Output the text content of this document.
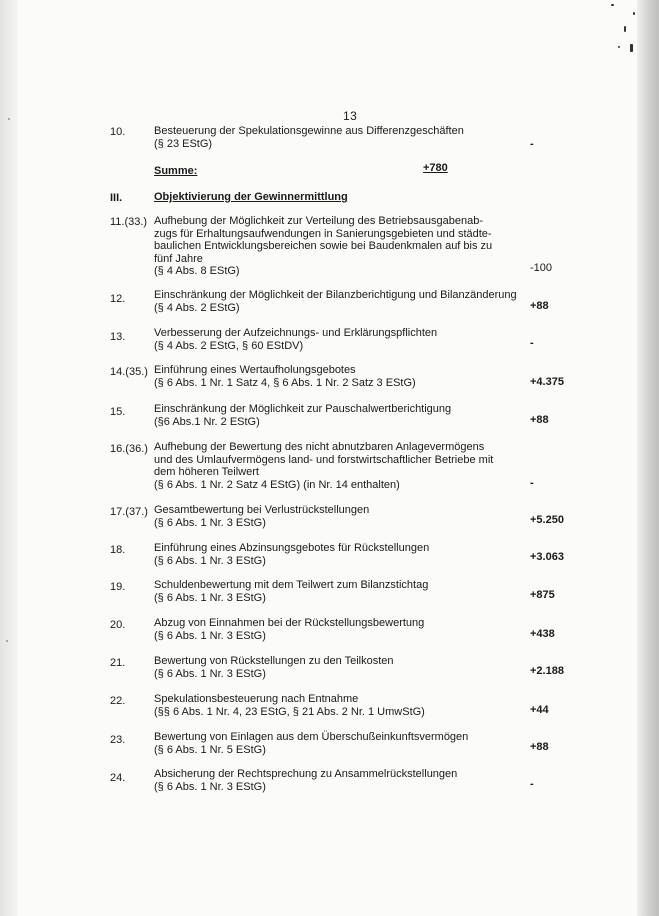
13
10.	Besteuerung der Spekulationsgewinne aus Differenzgeschäften
(§ 23 EStG)	-
Summe:	+780
III.	Objektivierung der Gewinnermittlung
11.(33.) Aufhebung der Möglichkeit zur Verteilung des Betriebsausgabenab-
zugs für Erhaltungsaufwendungen in Sanierungsgebieten und städte-
baulichen Entwicklungsbereichen sowie bei Baudenkmalen auf bis zu
fünf Jahre
(§ 4 Abs. 8 EStG)	-100
12.	Einschränkung der Möglichkeit der Bilanzberichtigung und Bilanzänderung
(§ 4 Abs. 2 EStG)	+88
13.	Verbesserung der Aufzeichnungs- und Erklärungspflichten
(§ 4 Abs. 2 EStG, § 60 EStDV)	-
14.(35.) Einführung eines Wertaufholungsgebotes
(§ 6 Abs. 1 Nr. 1 Satz 4, § 6 Abs. 1 Nr. 2 Satz 3 EStG)	+4.375
15.	Einschränkung der Möglichkeit zur Pauschalwertberichtigung
(§6 Abs.1 Nr. 2 EStG)	+88
16.(36.) Aufhebung der Bewertung des nicht abnutzbaren Anlagevermögens
und des Umlaufvermögens land- und forstwirtschaftlicher Betriebe mit
dem höheren Teilwert
(§ 6 Abs. 1 Nr. 2 Satz 4 EStG) (in Nr. 14 enthalten)	-
17.(37.) Gesamtbewertung bei Verlustrückstellungen
(§ 6 Abs. 1 Nr. 3 EStG)	+5.250
18.	Einführung eines Abzinsungsgebotes für Rückstellungen
(§ 6 Abs. 1 Nr. 3 EStG)	+3.063
19.	Schuldenbewertung mit dem Teilwert zum Bilanzstichtag
(§ 6 Abs. 1 Nr. 3 EStG)	+875
20.	Abzug von Einnahmen bei der Rückstellungsbewertung
(§ 6 Abs. 1 Nr. 3 EStG)	+438
21.	Bewertung von Rückstellungen zu den Teilkosten
(§ 6 Abs. 1 Nr. 3 EStG)	+2.188
22.	Spekulationsbesteuerung nach Entnahme
(§§ 6 Abs. 1 Nr. 4, 23 EStG, § 21 Abs. 2 Nr. 1 UmwStG)	+44
23.	Bewertung von Einlagen aus dem Überschußeinkunftsvermögen
(§ 6 Abs. 1 Nr. 5 EStG)	+88
24.	Absicherung der Rechtsprechung zu Ansammelrückstellungen
(§ 6 Abs. 1 Nr. 3 EStG)	-
